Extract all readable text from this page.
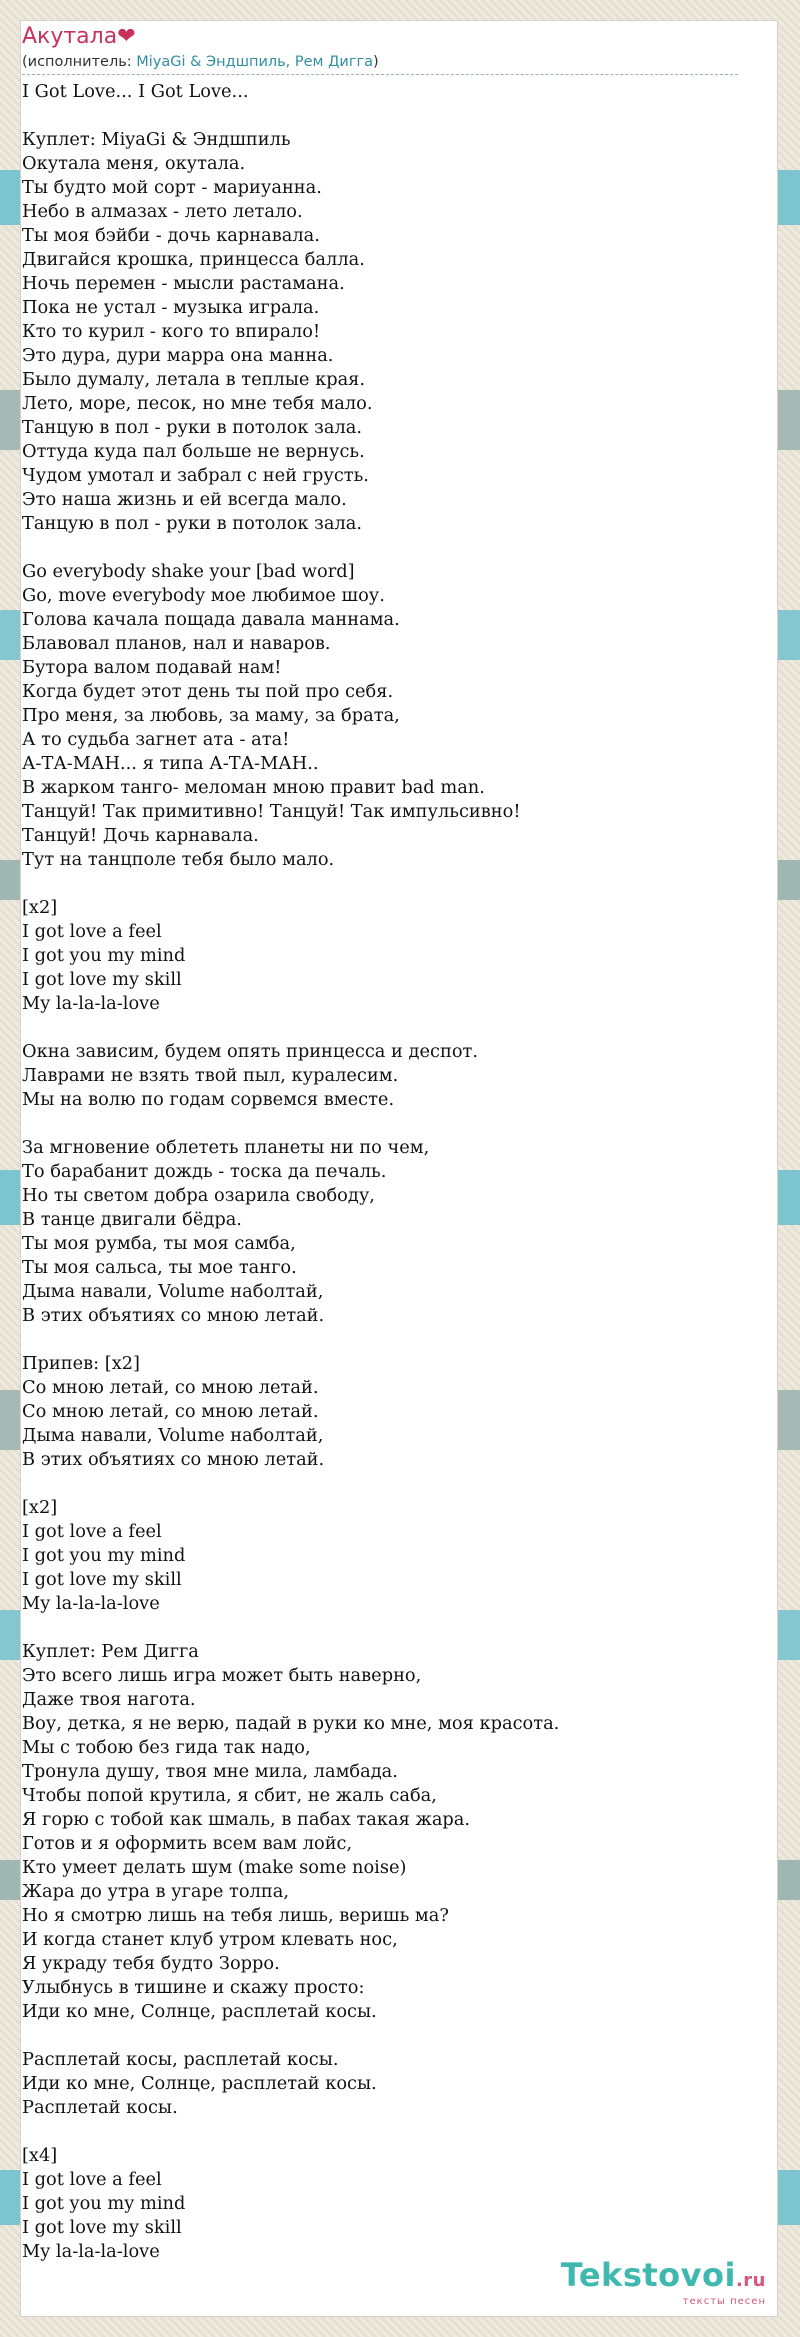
Акутала❤
(исполнитель: MiyaGi & Эндшпиль, Рем Дигга)
I Got Love... I Got Love...

Куплет: MiyaGi & Эндшпиль
Окутала меня, окутала.
Ты будто мой сорт - мариуанна.
Небо в алмазах - лето летало.
Ты моя бэйби - дочь карнавала.
Двигайся крошка, принцесса балла.
Ночь перемен - мысли растамана.
Пока не устал - музыка играла.
Кто то курил - кого то впирало!
Это дура, дури марра она манна.
Было думалу, летала в теплые края.
Лето, море, песок, но мне тебя мало.
Танцую в пол - руки в потолок зала.
Оттуда куда пал больше не вернусь.
Чудом умотал и забрал с ней грусть.
Это наша жизнь и ей всегда мало.
Танцую в пол - руки в потолок зала.

Go everybody shake your [bad word]
Go, move everybody мое любимое шоу.
Голова качала пощада давала маннама.
Блавовал планов, нал и наваров.
Бутора валом подавай нам!
Когда будет этот день ты пой про себя.
Про меня, за любовь, за маму, за брата,
А то судьба загнет ата - ата!
А-ТА-МАН... я типа А-ТА-МАН..
В жарком танго- меломан мною правит bad man.
Танцуй! Так примитивно! Танцуй! Так импульсивно!
Танцуй! Дочь карнавала.
Тут на танцполе тебя было мало.

[x2]
I got love a feel
I got you my mind
I got love my skill
My la-la-la-love

Окна зависим, будем опять принцесса и деспот.
Лаврами не взять твой пыл, куралесим.
Мы на волю по годам сорвемся вместе.

За мгновение облететь планеты ни по чем,
То барабанит дождь - тоска да печаль.
Но ты светом добра озарила свободу,
В танце двигали бёдра.
Ты моя румба, ты моя самба,
Ты моя сальса, ты мое танго.
Дыма навали, Volume наболтай,
В этих объятиях со мною летай.

Припев: [x2]
Со мною летай, со мною летай.
Со мною летай, со мною летай.
Дыма навали, Volume наболтай,
В этих объятиях со мною летай.

[x2]
I got love a feel
I got you my mind
I got love my skill
My la-la-la-love

Куплет: Рем Дигга
Это всего лишь игра может быть наверно,
Даже твоя нагота.
Воу, детка, я не верю, падай в руки ко мне, моя красота.
Мы с тобою без гида так надо,
Тронула душу, твоя мне мила, ламбада.
Чтобы попой крутила, я сбит, не жаль саба,
Я горю с тобой как шмаль, в пабах такая жара.
Готов и я оформить всем вам лойс,
Кто умеет делать шум (make some noise)
Жара до утра в угаре толпа,
Но я смотрю лишь на тебя лишь, веришь ма?
И когда станет клуб утром клевать нос,
Я украду тебя будто Зорро.
Улыбнусь в тишине и скажу просто:
Иди ко мне, Солнце, расплетай косы.

Расплетай косы, расплетай косы.
Иди ко мне, Солнце, расплетай косы.
Расплетай косы.

[x4]
I got love a feel
I got you my mind
I got love my skill
My la-la-la-love
Tekstovoi.ru
тексты песен
